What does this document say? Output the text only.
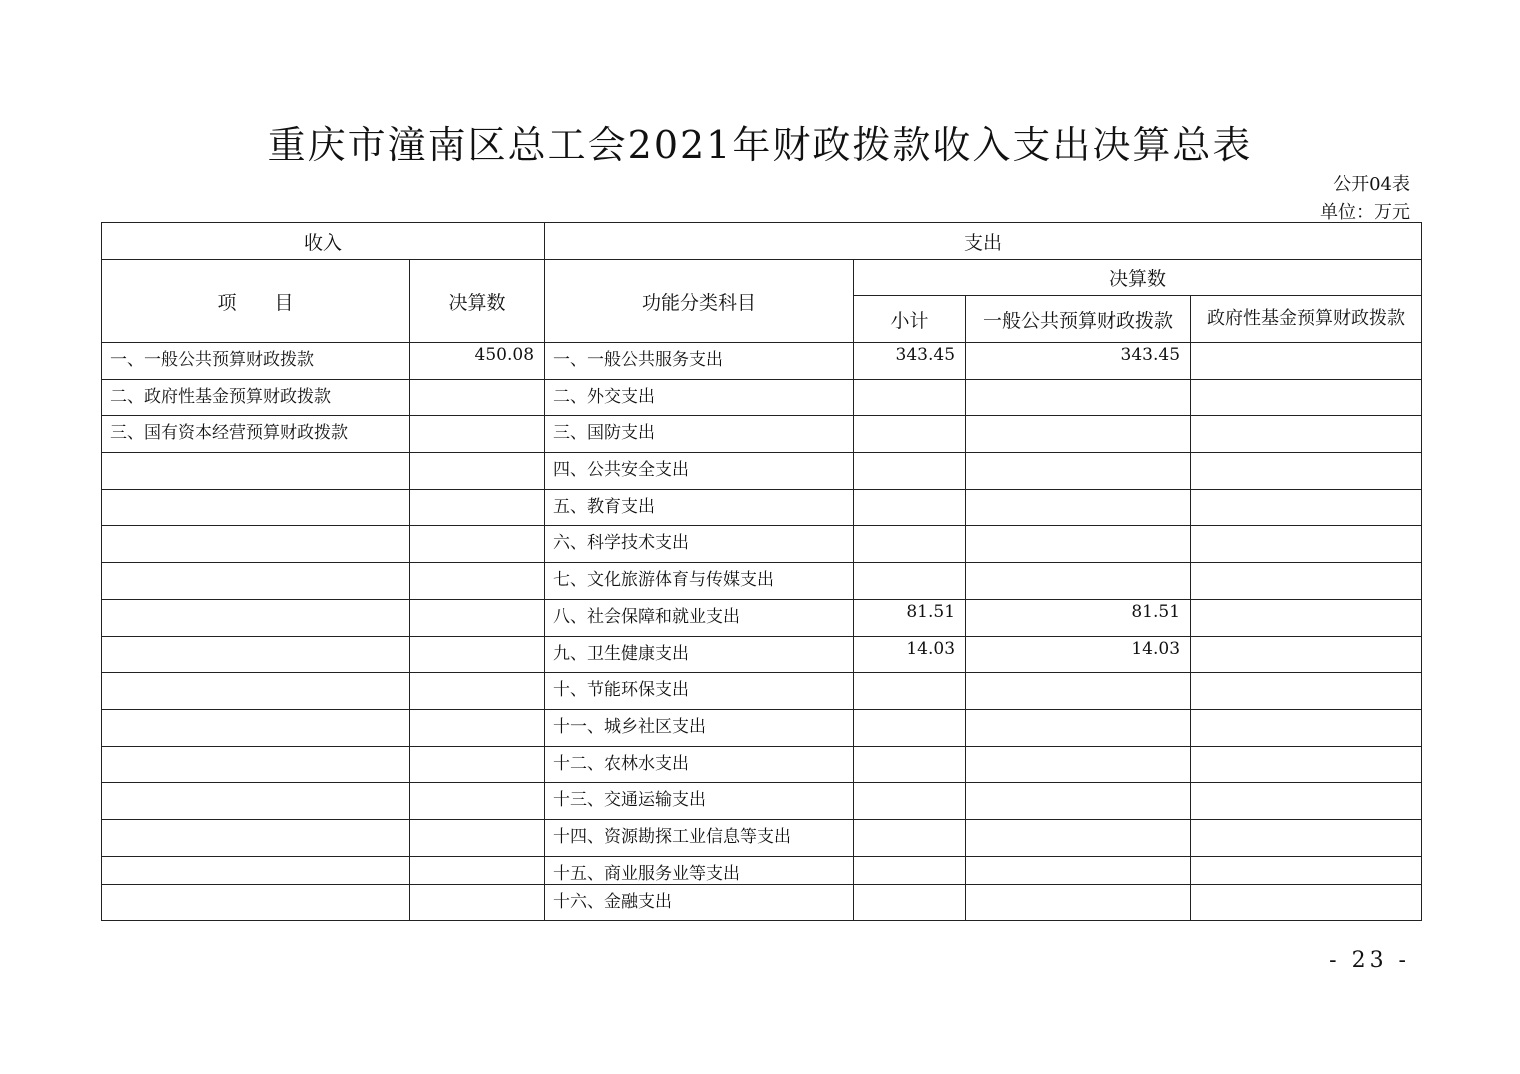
重庆市潼南区总工会2021年财政拨款收入支出决算总表
公开04表
单位：万元
收入		支出			
项　　目	决算数	功能分类科目	决算数		
			小计	一般公共预算财政拨款	政府性基金预算财政拨款
一、一般公共预算财政拨款	450.08	一、一般公共服务支出	343.45	343.45	
二、政府性基金预算财政拨款		二、外交支出			
三、国有资本经营预算财政拨款		三、国防支出			
		四、公共安全支出			
		五、教育支出			
		六、科学技术支出			
		七、文化旅游体育与传媒支出			
		八、社会保障和就业支出	81.51	81.51	
		九、卫生健康支出	14.03	14.03	
		十、节能环保支出			
		十一、城乡社区支出			
		十二、农林水支出			
		十三、交通运输支出			
		十四、资源勘探工业信息等支出			
		十五、商业服务业等支出			
		十六、金融支出			
- 23 -
